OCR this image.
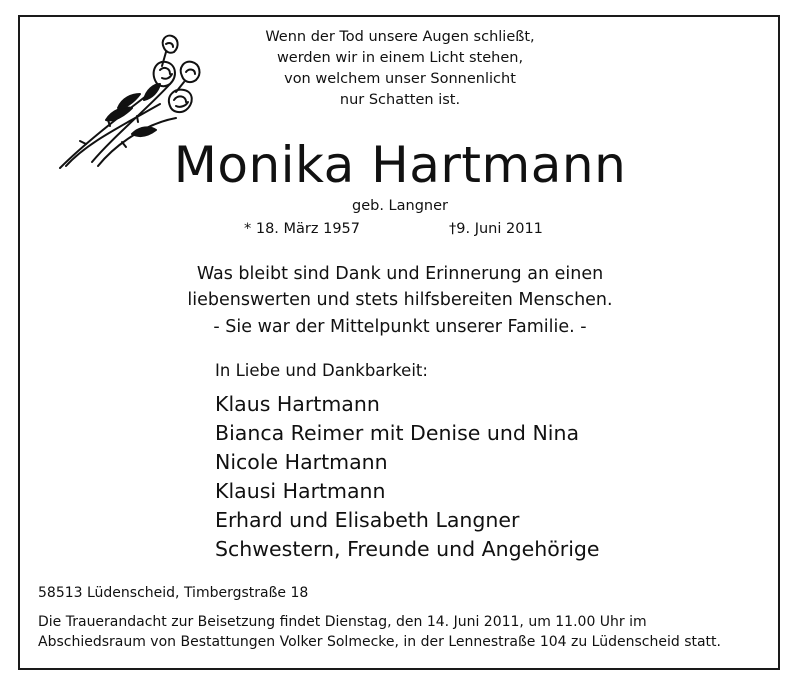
Wenn der Tod unsere Augen schließt,
werden wir in einem Licht stehen,
von welchem unser Sonnenlicht
nur Schatten ist.
Monika Hartmann
geb. Langner
* 18. März 1957	†9. Juni 2011
Was bleibt sind Dank und Erinnerung an einen
liebenswerten und stets hilfsbereiten Menschen.
- Sie war der Mittelpunkt unserer Familie. -
In Liebe und Dankbarkeit:
Klaus Hartmann
Bianca Reimer mit Denise und Nina
Nicole Hartmann
Klausi Hartmann
Erhard und Elisabeth Langner
Schwestern, Freunde und Angehörige
58513 Lüdenscheid, Timbergstraße 18
Die Trauerandacht zur Beisetzung findet Dienstag, den 14. Juni 2011, um 11.00 Uhr im
Abschiedsraum von Bestattungen Volker Solmecke, in der Lennestraße 104 zu Lüdenscheid statt.
